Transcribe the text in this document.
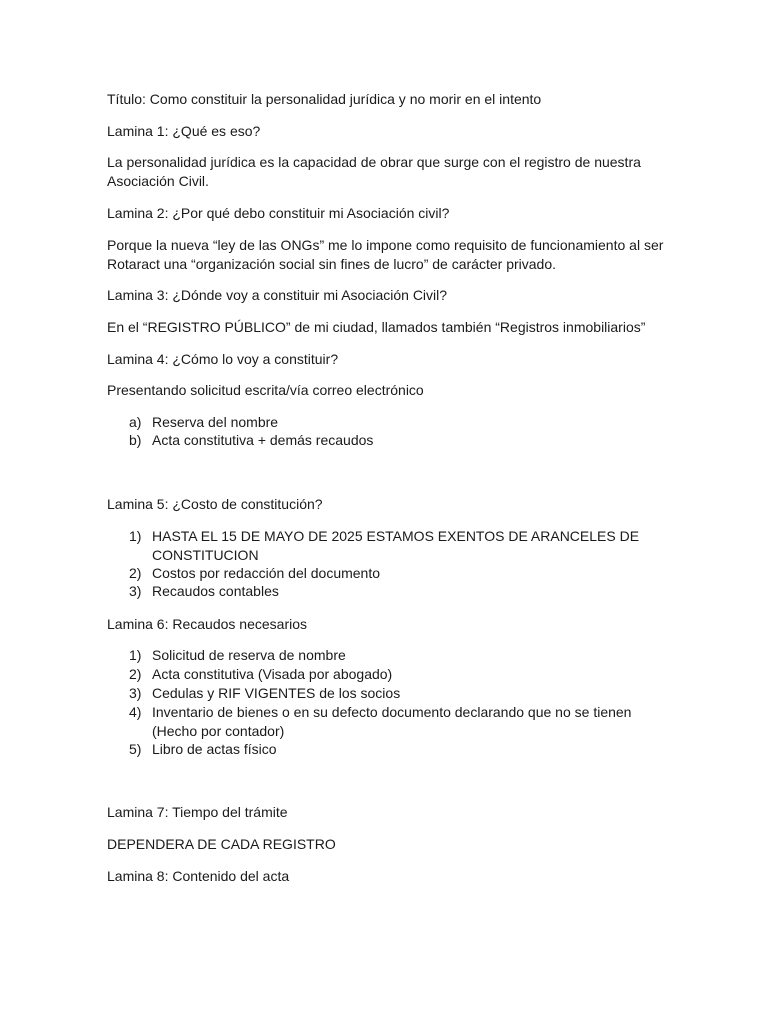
Título: Como constituir la personalidad jurídica y no morir en el intento

Lamina 1: ¿Qué es eso?

La personalidad jurídica es la capacidad de obrar que surge con el registro de nuestra Asociación Civil.

Lamina 2: ¿Por qué debo constituir mi Asociación civil?

Porque la nueva “ley de las ONGs” me lo impone como requisito de funcionamiento al ser Rotaract una “organización social sin fines de lucro” de carácter privado.

Lamina 3: ¿Dónde voy a constituir mi Asociación Civil?

En el “REGISTRO PÚBLICO” de mi ciudad, llamados también “Registros inmobiliarios”

Lamina 4: ¿Cómo lo voy a constituir?

Presentando solicitud escrita/vía correo electrónico

a) Reserva del nombre
b) Acta constitutiva + demás recaudos

Lamina 5: ¿Costo de constitución?

1) HASTA EL 15 DE MAYO DE 2025 ESTAMOS EXENTOS DE ARANCELES DE CONSTITUCION
2) Costos por redacción del documento
3) Recaudos contables

Lamina 6: Recaudos necesarios

1) Solicitud de reserva de nombre
2) Acta constitutiva (Visada por abogado)
3) Cedulas y RIF VIGENTES de los socios
4) Inventario de bienes o en su defecto documento declarando que no se tienen (Hecho por contador)
5) Libro de actas físico

Lamina 7: Tiempo del trámite

DEPENDERA DE CADA REGISTRO

Lamina 8: Contenido del acta
